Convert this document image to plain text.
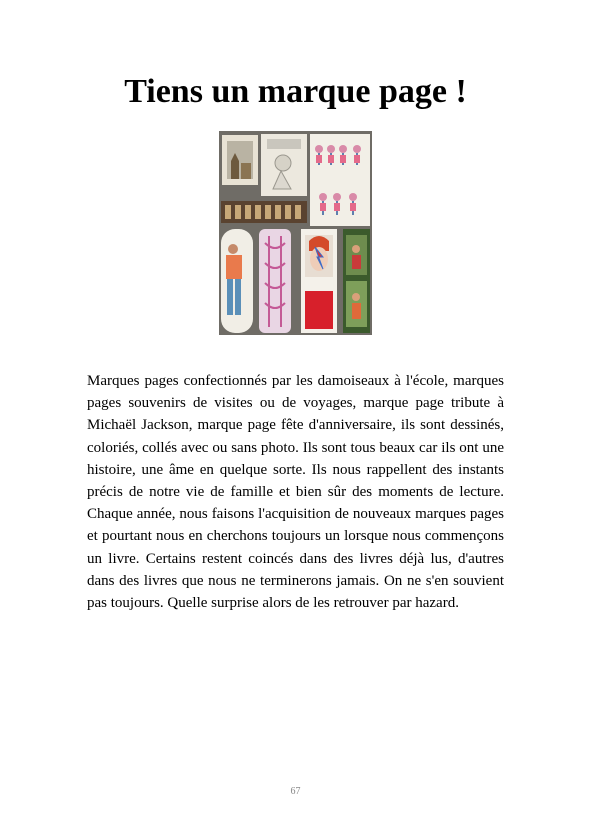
Tiens un marque page !

Marques pages confectionnés par les damoiseaux à l'école, marques pages souvenirs de visites ou de voyages, marque page tribute à Michaël Jackson, marque page fête d'anniversaire, ils sont dessinés, coloriés, collés avec ou sans photo. Ils sont tous beaux car ils ont une histoire, une âme en quelque sorte. Ils nous rappellent des instants précis de notre vie de famille et bien sûr des moments de lecture. Chaque année, nous faisons l'acquisition de nouveaux marques pages et pourtant nous en cherchons toujours un lorsque nous commençons un livre. Certains restent coincés dans des livres déjà lus, d'autres dans des livres que nous ne terminerons jamais. On ne s'en souvient pas toujours. Quelle surprise alors de les retrouver par hazard.

67
